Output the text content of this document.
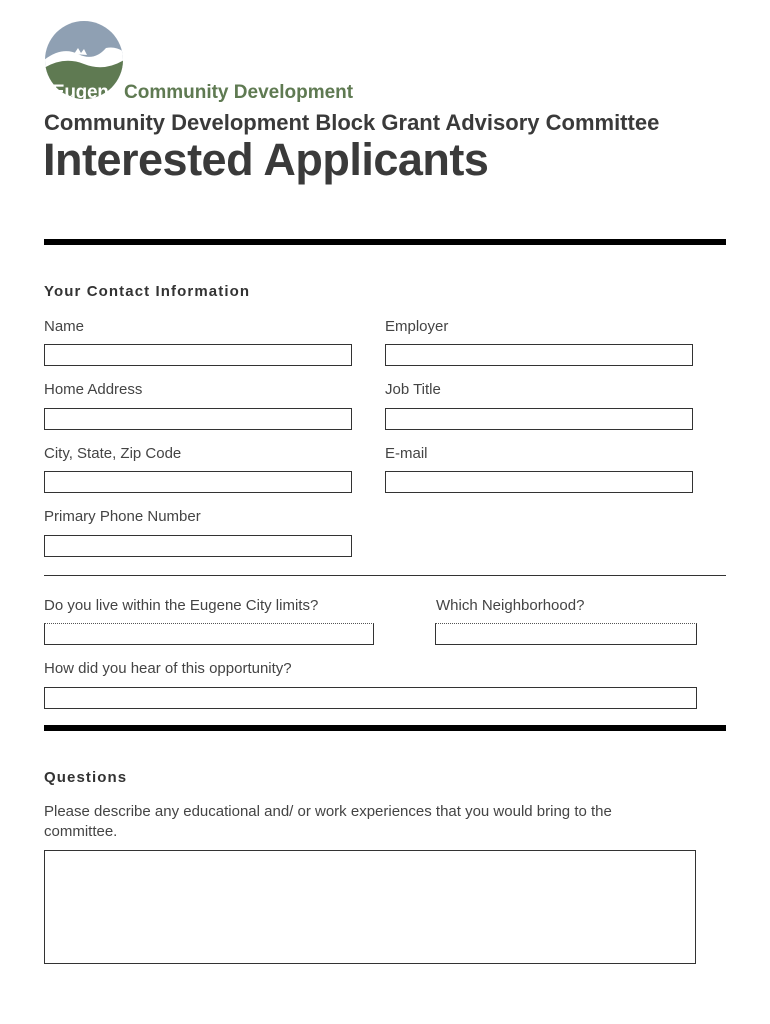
Eugene Community Development
Community Development Block Grant Advisory Committee
Interested Applicants
Your Contact Information
Name	Employer
Home Address	Job Title
City, State, Zip Code	E-mail
Primary Phone Number
Do you live within the Eugene City limits?	Which Neighborhood?
How did you hear of this opportunity?
Questions
Please describe any educational and/ or work experiences that you would bring to the committee.
